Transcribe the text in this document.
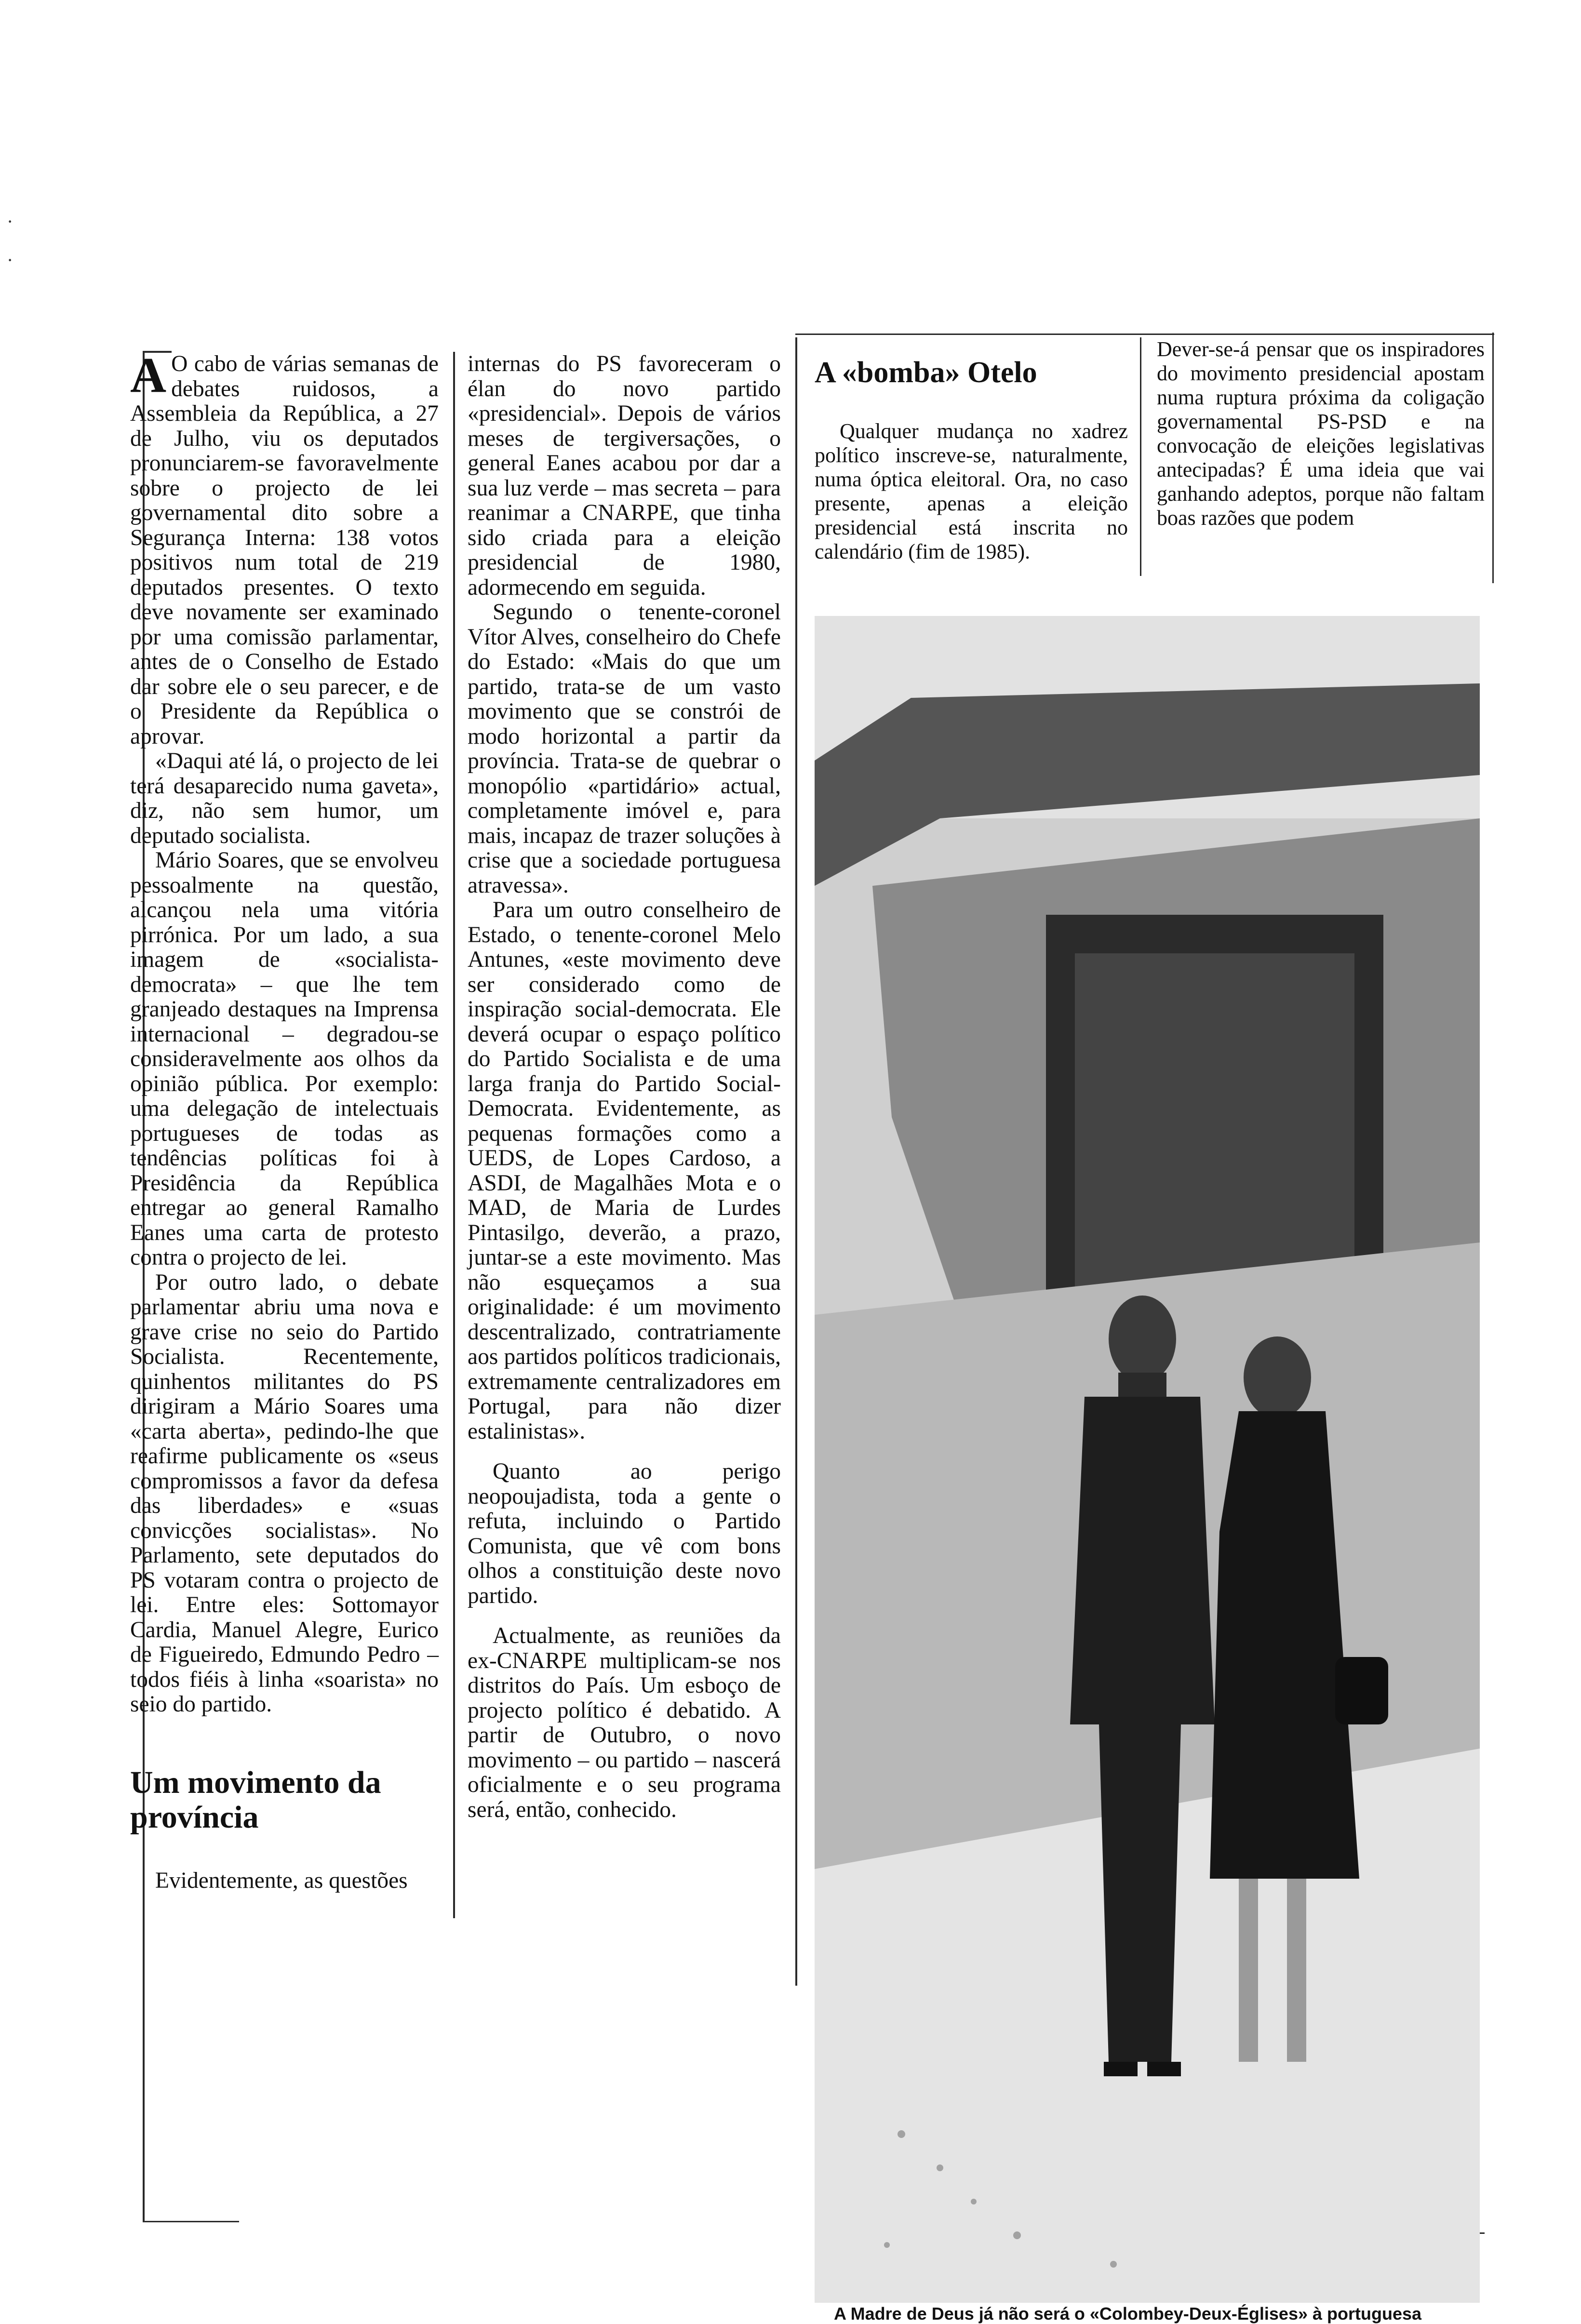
·
·

A O cabo de várias semanas de debates ruidosos, a Assembleia da República, a 27 de Julho, viu os deputados pronunciarem-se favoravelmente sobre o projecto de lei governamental dito sobre a Segurança Interna: 138 votos positivos num total de 219 deputados presentes. O texto deve novamente ser examinado por uma comissão parlamentar, antes de o Conselho de Estado dar sobre ele o seu parecer, e de o Presidente da República o aprovar.

«Daqui até lá, o projecto de lei terá desaparecido numa gaveta», diz, não sem humor, um deputado socialista.

Mário Soares, que se envolveu pessoalmente na questão, alcançou nela uma vitória pirrónica. Por um lado, a sua imagem de «socialista-democrata» – que lhe tem granjeado destaques na Imprensa internacional – degradou-se consideravelmente aos olhos da opinião pública. Por exemplo: uma delegação de intelectuais portugueses de todas as tendências políticas foi à Presidência da República entregar ao general Ramalho Eanes uma carta de protesto contra o projecto de lei.

Por outro lado, o debate parlamentar abriu uma nova e grave crise no seio do Partido Socialista. Recentemente, quinhentos militantes do PS dirigiram a Mário Soares uma «carta aberta», pedindo-lhe que reafirme publicamente os «seus compromissos a favor da defesa das liberdades» e «suas convicções socialistas». No Parlamento, sete deputados do PS votaram contra o projecto de lei. Entre eles: Sottomayor Cardia, Manuel Alegre, Eurico de Figueiredo, Edmundo Pedro – todos fiéis à linha «soarista» no seio do partido.

Um movimento da província

Evidentemente, as questões

internas do PS favoreceram o élan do novo partido «presidencial». Depois de vários meses de tergiversações, o general Eanes acabou por dar a sua luz verde – mas secreta – para reanimar a CNARPE, que tinha sido criada para a eleição presidencial de 1980, adormecendo em seguida.

Segundo o tenente-coronel Vítor Alves, conselheiro do Chefe do Estado: «Mais do que um partido, trata-se de um vasto movimento que se constrói de modo horizontal a partir da província. Trata-se de quebrar o monopólio «partidário» actual, completamente imóvel e, para mais, incapaz de trazer soluções à crise que a sociedade portuguesa atravessa».

Para um outro conselheiro de Estado, o tenente-coronel Melo Antunes, «este movimento deve ser considerado como de inspiração social-democrata. Ele deverá ocupar o espaço político do Partido Socialista e de uma larga franja do Partido Social-Democrata. Evidentemente, as pequenas formações como a UEDS, de Lopes Cardoso, a ASDI, de Magalhães Mota e o MAD, de Maria de Lurdes Pintasilgo, deverão, a prazo, juntar-se a este movimento. Mas não esqueçamos a sua originalidade: é um movimento descentralizado, contratriamente aos partidos políticos tradicionais, extremamente centralizadores em Portugal, para não dizer estalinistas».

Quanto ao perigo neopoujadista, toda a gente o refuta, incluindo o Partido Comunista, que vê com bons olhos a constituição deste novo partido.

Actualmente, as reuniões da ex-CNARPE multiplicam-se nos distritos do País. Um esboço de projecto político é debatido. A partir de Outubro, o novo movimento – ou partido – nascerá oficialmente e o seu programa será, então, conhecido.

A «bomba» Otelo

Qualquer mudança no xadrez político inscreve-se, naturalmente, numa óptica eleitoral. Ora, no caso presente, apenas a eleição presidencial está inscrita no calendário (fim de 1985).

Dever-se-á pensar que os inspiradores do movimento presidencial apostam numa ruptura próxima da coligação governamental PS-PSD e na convocação de eleições legislativas antecipadas? É uma ideia que vai ganhando adeptos, porque não faltam boas razões que podem

A Madre de Deus já não será o «Colombey-Deux-Églises» à portuguesa
